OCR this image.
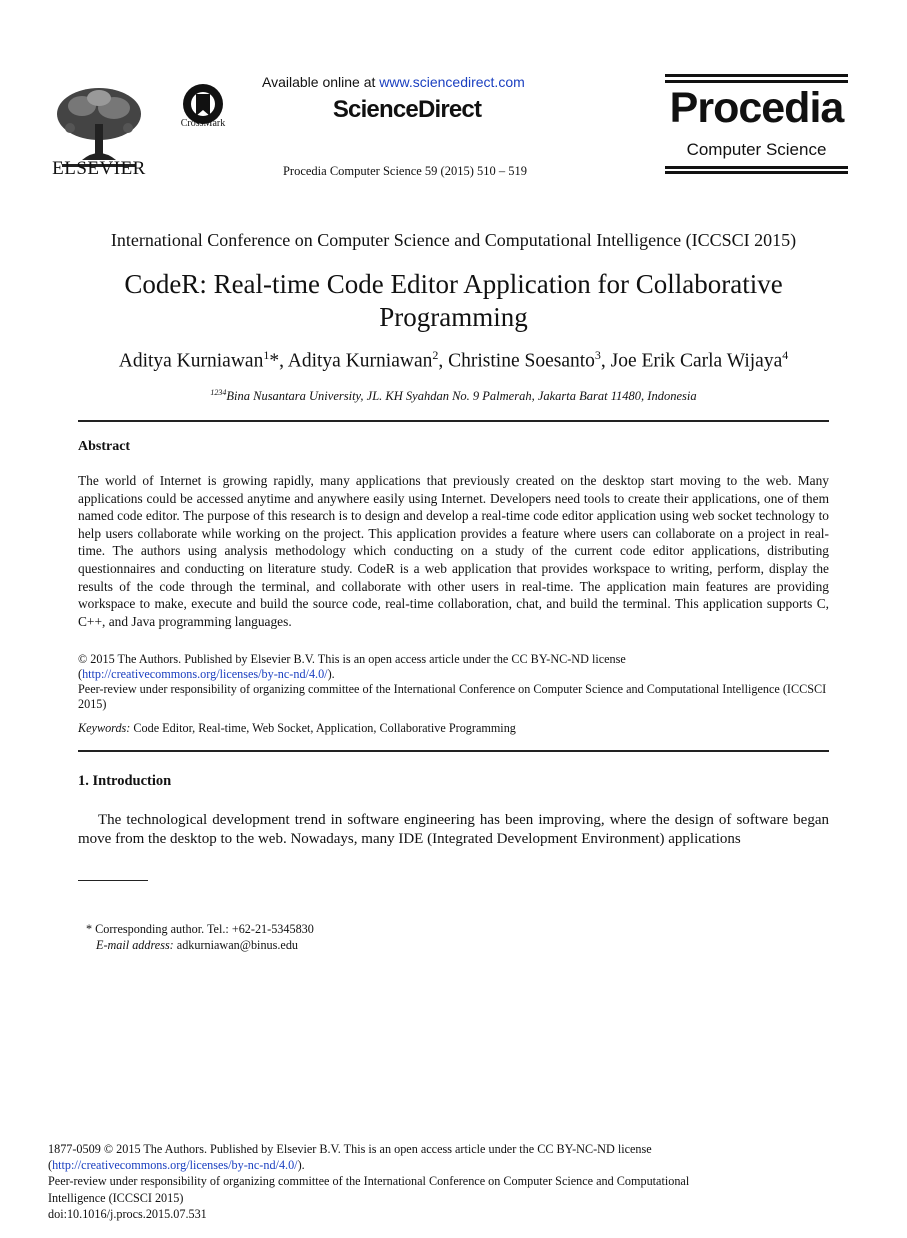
ELSEVIER
CrossMark
Available online at www.sciencedirect.com
ScienceDirect
Procedia Computer Science 59 (2015) 510 – 519
Procedia
Computer Science
International Conference on Computer Science and Computational Intelligence (ICCSCI 2015)
CodeR: Real-time Code Editor Application for Collaborative
Programming
Aditya Kurniawan$^1$*, Aditya Kurniawan$^2$, Christine Soesanto$^3$, Joe Erik Carla Wijaya$^4$
$^{1234}$Bina Nusantara University, JL. KH Syahdan No. 9 Palmerah, Jakarta Barat 11480, Indonesia
Abstract
The world of Internet is growing rapidly, many applications that previously created on the desktop start moving to the web. Many applications could be accessed anytime and anywhere easily using Internet. Developers need tools to create their applications, one of them named code editor. The purpose of this research is to design and develop a real-time code editor application using web socket technology to help users collaborate while working on the project. This application provides a feature where users can collaborate on a project in real-time. The authors using analysis methodology which conducting on a study of the current code editor applications, distributing questionnaires and conducting on literature study. CodeR is a web application that provides workspace to writing, perform, display the results of the code through the terminal, and collaborate with other users in real-time. The application main features are providing workspace to make, execute and build the source code, real-time collaboration, chat, and build the terminal. This application supports C, C++, and Java programming languages.
© 2015 The Authors. Published by Elsevier B.V. This is an open access article under the CC BY-NC-ND license
(http://creativecommons.org/licenses/by-nc-nd/4.0/).
Peer-review under responsibility of organizing committee of the International Conference on Computer Science and Computational Intelligence (ICCSCI 2015)
Keywords: Code Editor, Real-time, Web Socket, Application, Collaborative Programming
1. Introduction
The technological development trend in software engineering has been improving, where the design of software began move from the desktop to the web. Nowadays, many IDE (Integrated Development Environment) applications
* Corresponding author. Tel.: +62-21-5345830
E-mail address: adkurniawan@binus.edu
1877-0509 © 2015 The Authors. Published by Elsevier B.V. This is an open access article under the CC BY-NC-ND license
(http://creativecommons.org/licenses/by-nc-nd/4.0/).
Peer-review under responsibility of organizing committee of the International Conference on Computer Science and Computational Intelligence (ICCSCI 2015)
doi:10.1016/j.procs.2015.07.531
